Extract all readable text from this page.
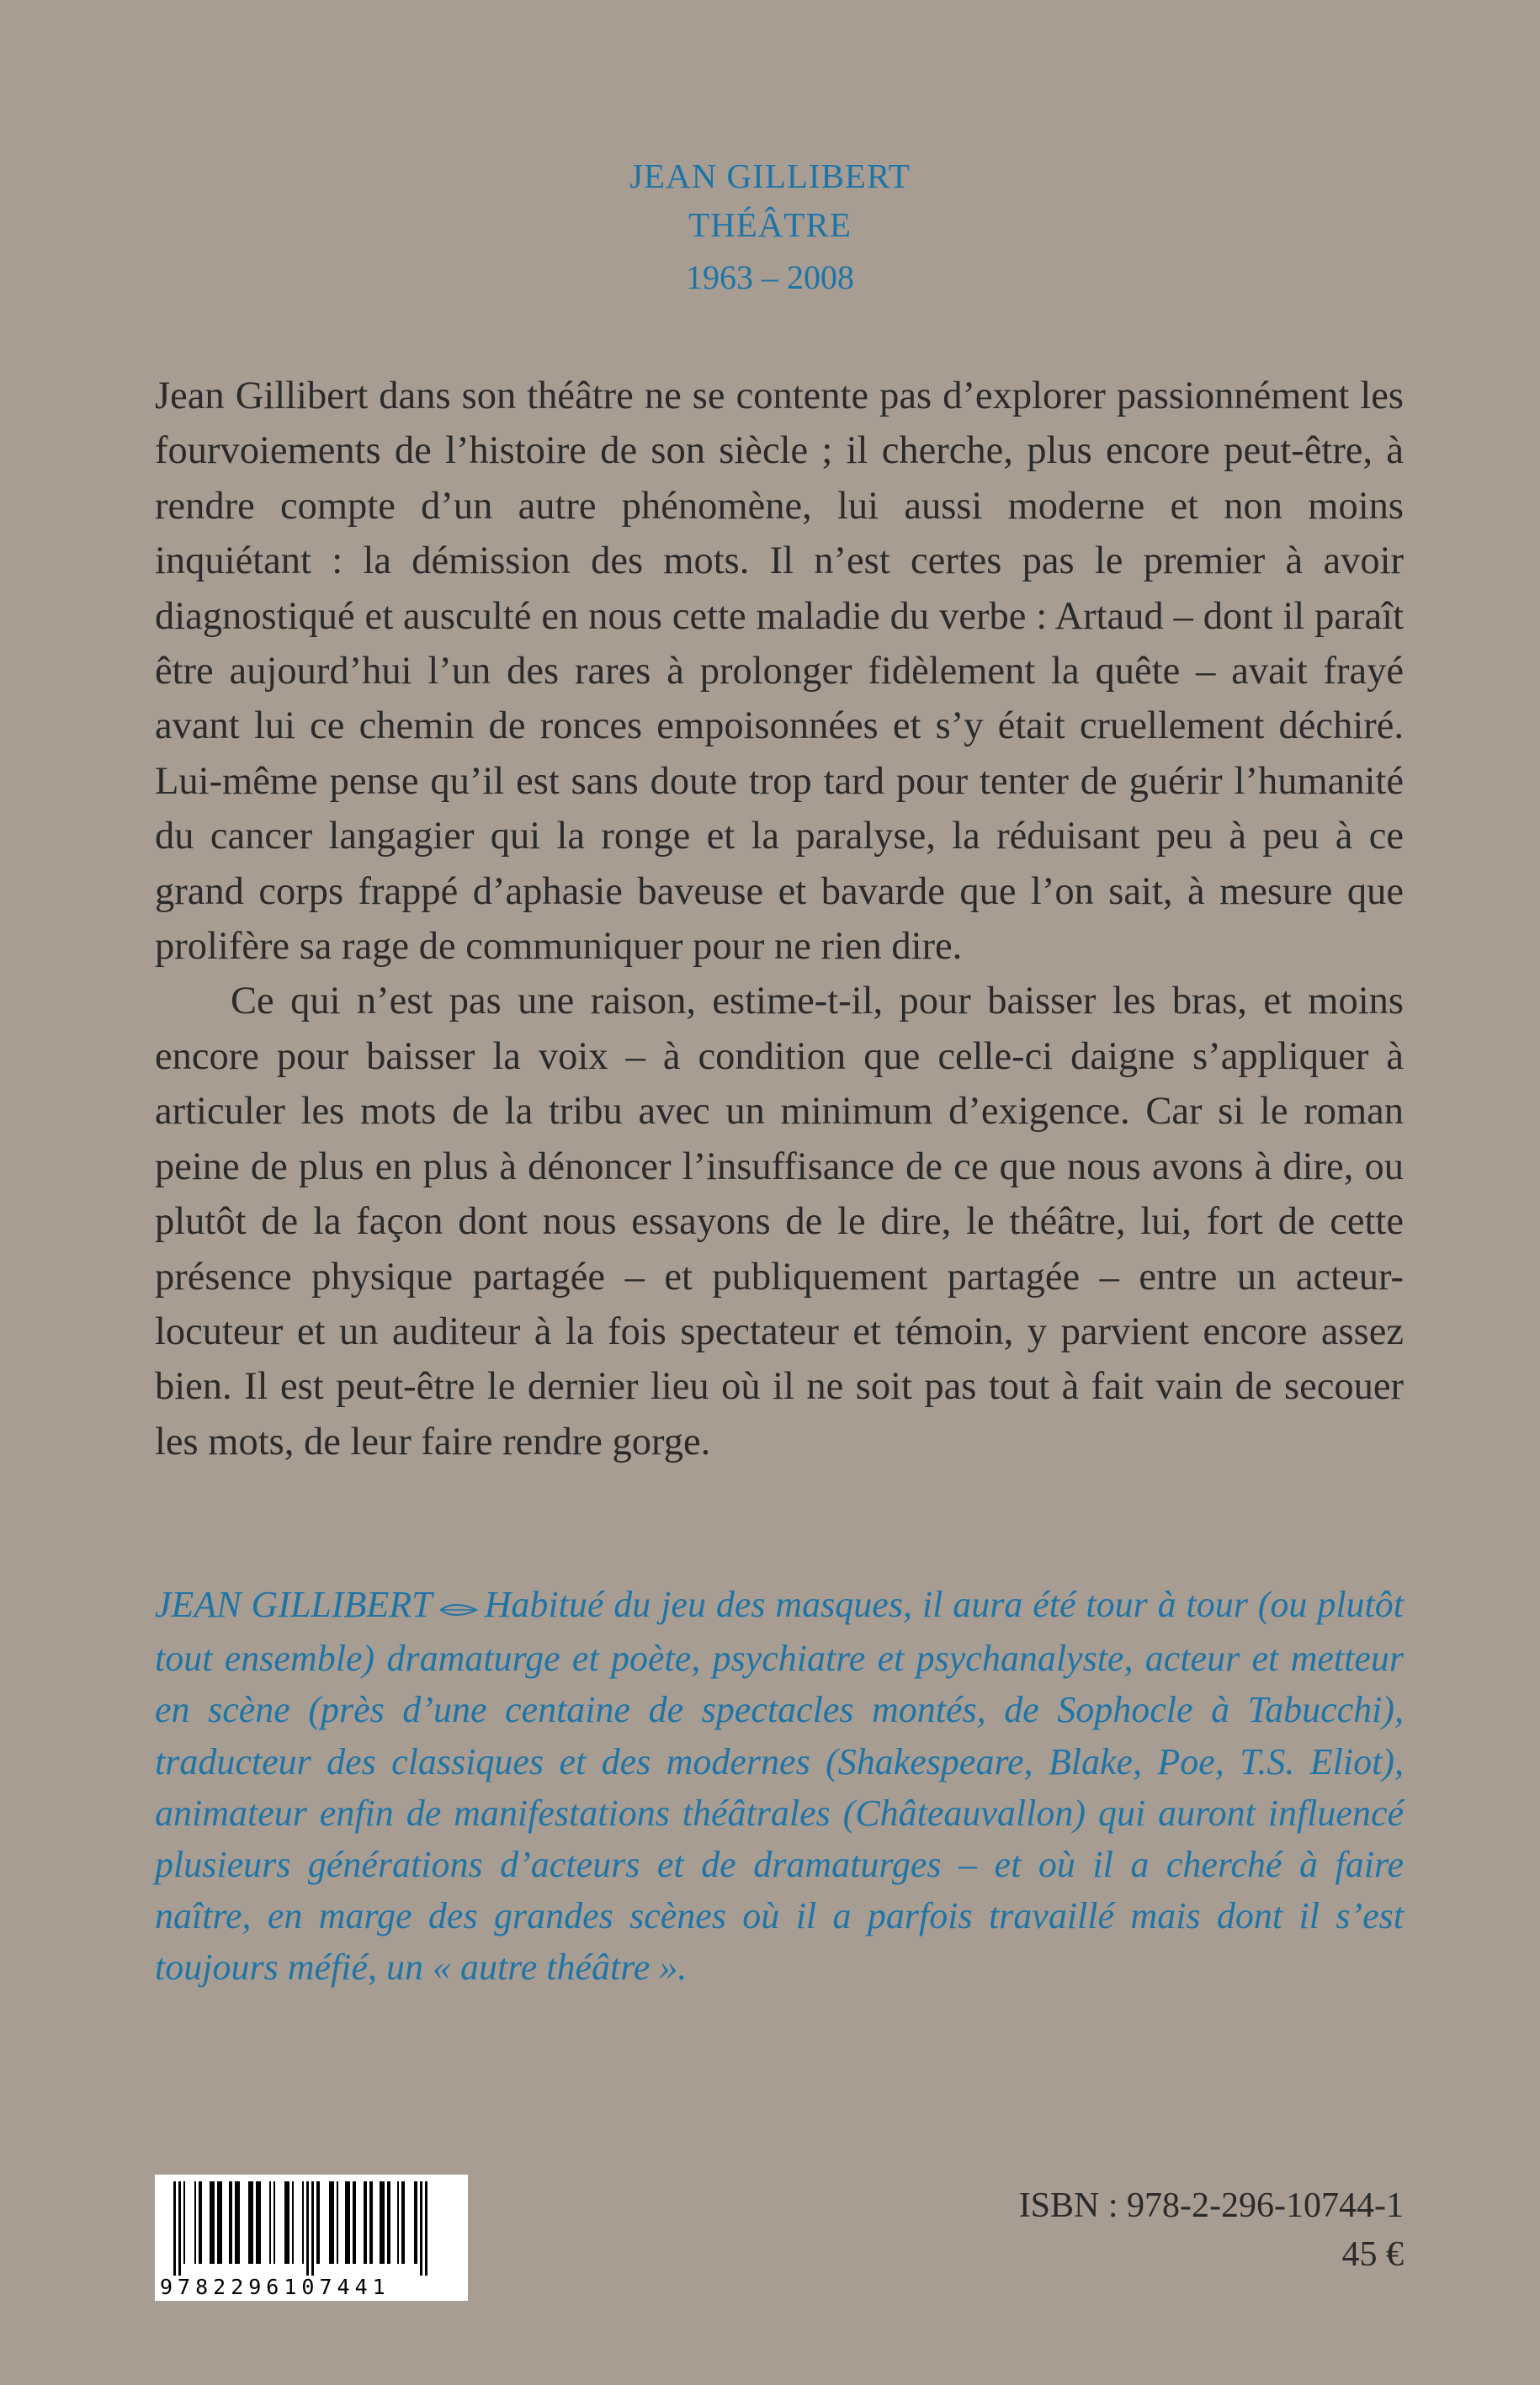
JEAN GILLIBERT
THÉÂTRE
1963 – 2008

Jean Gillibert dans son théâtre ne se contente pas d’explorer passionnément les fourvoiements de l’histoire de son siècle ; il cherche, plus encore peut-être, à rendre compte d’un autre phénomène, lui aussi moderne et non moins inquiétant : la démission des mots. Il n’est certes pas le premier à avoir diagnostiqué et ausculté en nous cette maladie du verbe : Artaud – dont il paraît être aujourd’hui l’un des rares à prolonger fidèlement la quête – avait frayé avant lui ce chemin de ronces empoisonnées et s’y était cruellement déchiré. Lui-même pense qu’il est sans doute trop tard pour tenter de guérir l’humanité du cancer langagier qui la ronge et la paralyse, la réduisant peu à peu à ce grand corps frappé d’aphasie baveuse et bavarde que l’on sait, à mesure que prolifère sa rage de communiquer pour ne rien dire.

Ce qui n’est pas une raison, estime-t-il, pour baisser les bras, et moins encore pour baisser la voix – à condition que celle-ci daigne s’appliquer à articuler les mots de la tribu avec un minimum d’exigence. Car si le roman peine de plus en plus à dénoncer l’insuffisance de ce que nous avons à dire, ou plutôt de la façon dont nous essayons de le dire, le théâtre, lui, fort de cette présence physique partagée – et publiquement partagée – entre un acteur-locuteur et un auditeur à la fois spectateur et témoin, y parvient encore assez bien. Il est peut-être le dernier lieu où il ne soit pas tout à fait vain de secouer les mots, de leur faire rendre gorge.

JEAN GILLIBERT Habitué du jeu des masques, il aura été tour à tour (ou plutôt tout ensemble) dramaturge et poète, psychiatre et psychanalyste, acteur et metteur en scène (près d’une centaine de spectacles montés, de Sophocle à Tabucchi), traducteur des classiques et des modernes (Shakespeare, Blake, Poe, T.S. Eliot), animateur enfin de manifestations théâtrales (Châteauvallon) qui auront influencé plusieurs générations d’acteurs et de dramaturges – et où il a cherché à faire naître, en marge des grandes scènes où il a parfois travaillé mais dont il s’est toujours méfié, un « autre théâtre ».
9782296107441
ISBN : 978-2-296-10744-1
45 €
